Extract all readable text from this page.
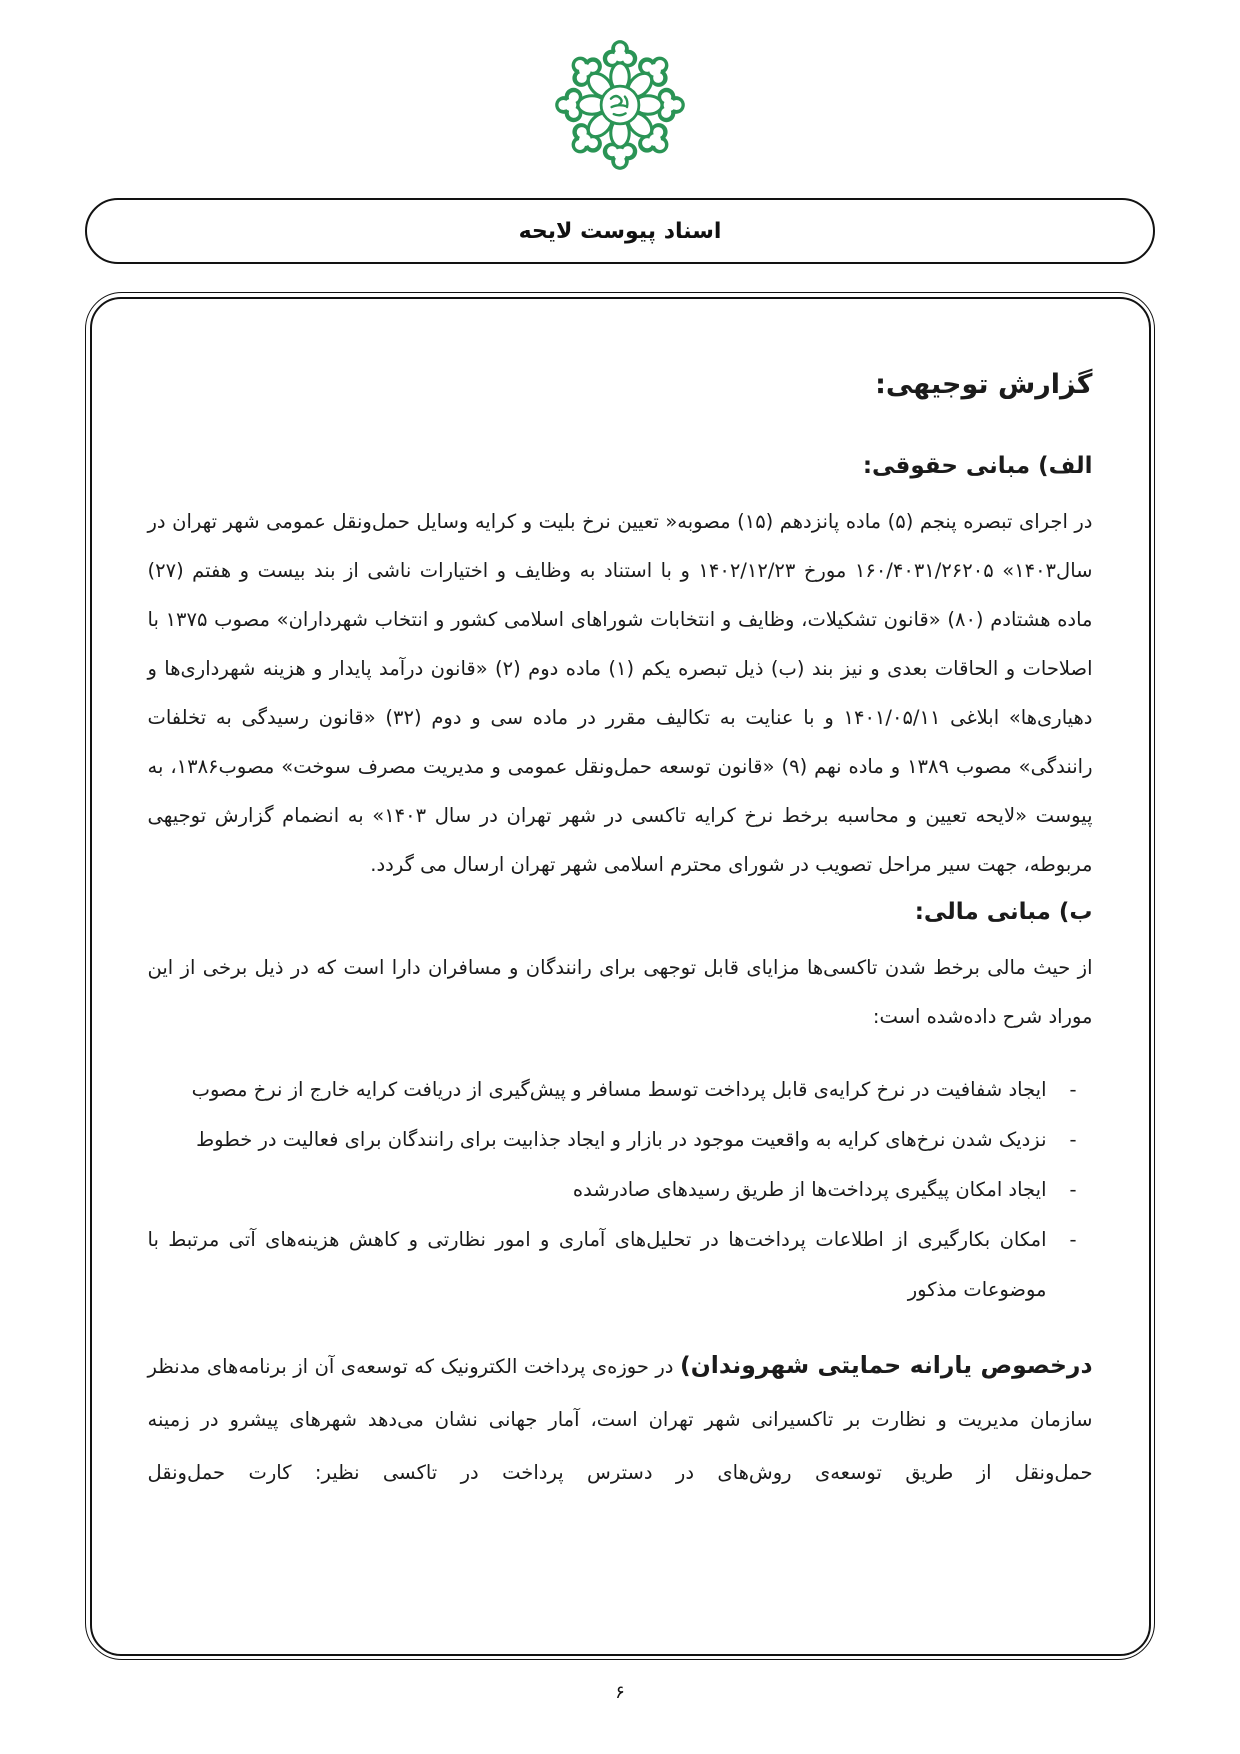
اسناد پیوست لایحه
گزارش توجیهی:
الف) مبانی حقوقی:

در اجرای تبصره پنجم (۵) ماده پانزدهم (۱۵) مصوبه« تعیین نرخ بلیت و کرایه وسایل حمل‌ونقل عمومی شهر تهران در سال۱۴۰۳» ۱۶۰/۴۰۳۱/۲۶۲۰۵ مورخ ۱۴۰۲/۱۲/۲۳ و با استناد به وظایف و اختیارات ناشی از بند بیست و هفتم (۲۷) ماده هشتادم (۸۰) «قانون تشکیلات، وظایف و انتخابات شوراهای اسلامی کشور و انتخاب شهرداران» مصوب ۱۳۷۵ با اصلاحات و الحاقات بعدی و نیز بند (ب) ذیل تبصره یکم (۱) ماده دوم (۲) «قانون درآمد پایدار و هزینه شهرداری‌ها و دهیاری‌ها» ابلاغی ۱۴۰۱/۰۵/۱۱ و با عنایت به تکالیف مقرر در ماده سی و دوم (۳۲) «قانون رسیدگی به تخلفات رانندگی» مصوب ۱۳۸۹ و ماده نهم (۹) «قانون توسعه حمل‌ونقل عمومی و مدیریت مصرف سوخت» مصوب۱۳۸۶، به پیوست «لایحه تعیین و محاسبه برخط نرخ کرایه تاکسی در شهر تهران در سال ۱۴۰۳» به انضمام گزارش توجیهی مربوطه، جهت سیر مراحل تصویب در شورای محترم اسلامی شهر تهران ارسال می گردد.

ب) مبانی مالی:

از حیث مالی برخط شدن تاکسی‌ها مزایای قابل توجهی برای رانندگان و مسافران دارا است که در ذیل برخی از این موراد شرح داده‌شده است:

- ایجاد شفافیت در نرخ کرایه‌ی قابل پرداخت توسط مسافر و پیش‌گیری از دریافت کرایه خارج از نرخ مصوب
- نزدیک شدن نرخ‌های کرایه به واقعیت موجود در بازار و ایجاد جذابیت برای رانندگان برای فعالیت در خطوط
- ایجاد امکان پیگیری پرداخت‌ها از طریق رسیدهای صادرشده
- امکان بکارگیری از اطلاعات پرداخت‌ها در تحلیل‌های آماری و امور نظارتی و کاهش هزینه‌های آتی مرتبط با موضوعات مذکور

درخصوص یارانه حمایتی شهروندان) در حوزه‌ی پرداخت الکترونیک که توسعه‌ی آن از برنامه‌های مدنظر سازمان مدیریت و نظارت بر تاکسیرانی شهر تهران است، آمار جهانی نشان می‌دهد شهرهای پیشرو در زمینه حمل‌ونقل از طریق توسعه‌ی روش‌های در دسترس پرداخت در تاکسی نظیر: کارت حمل‌ونقل

۶
